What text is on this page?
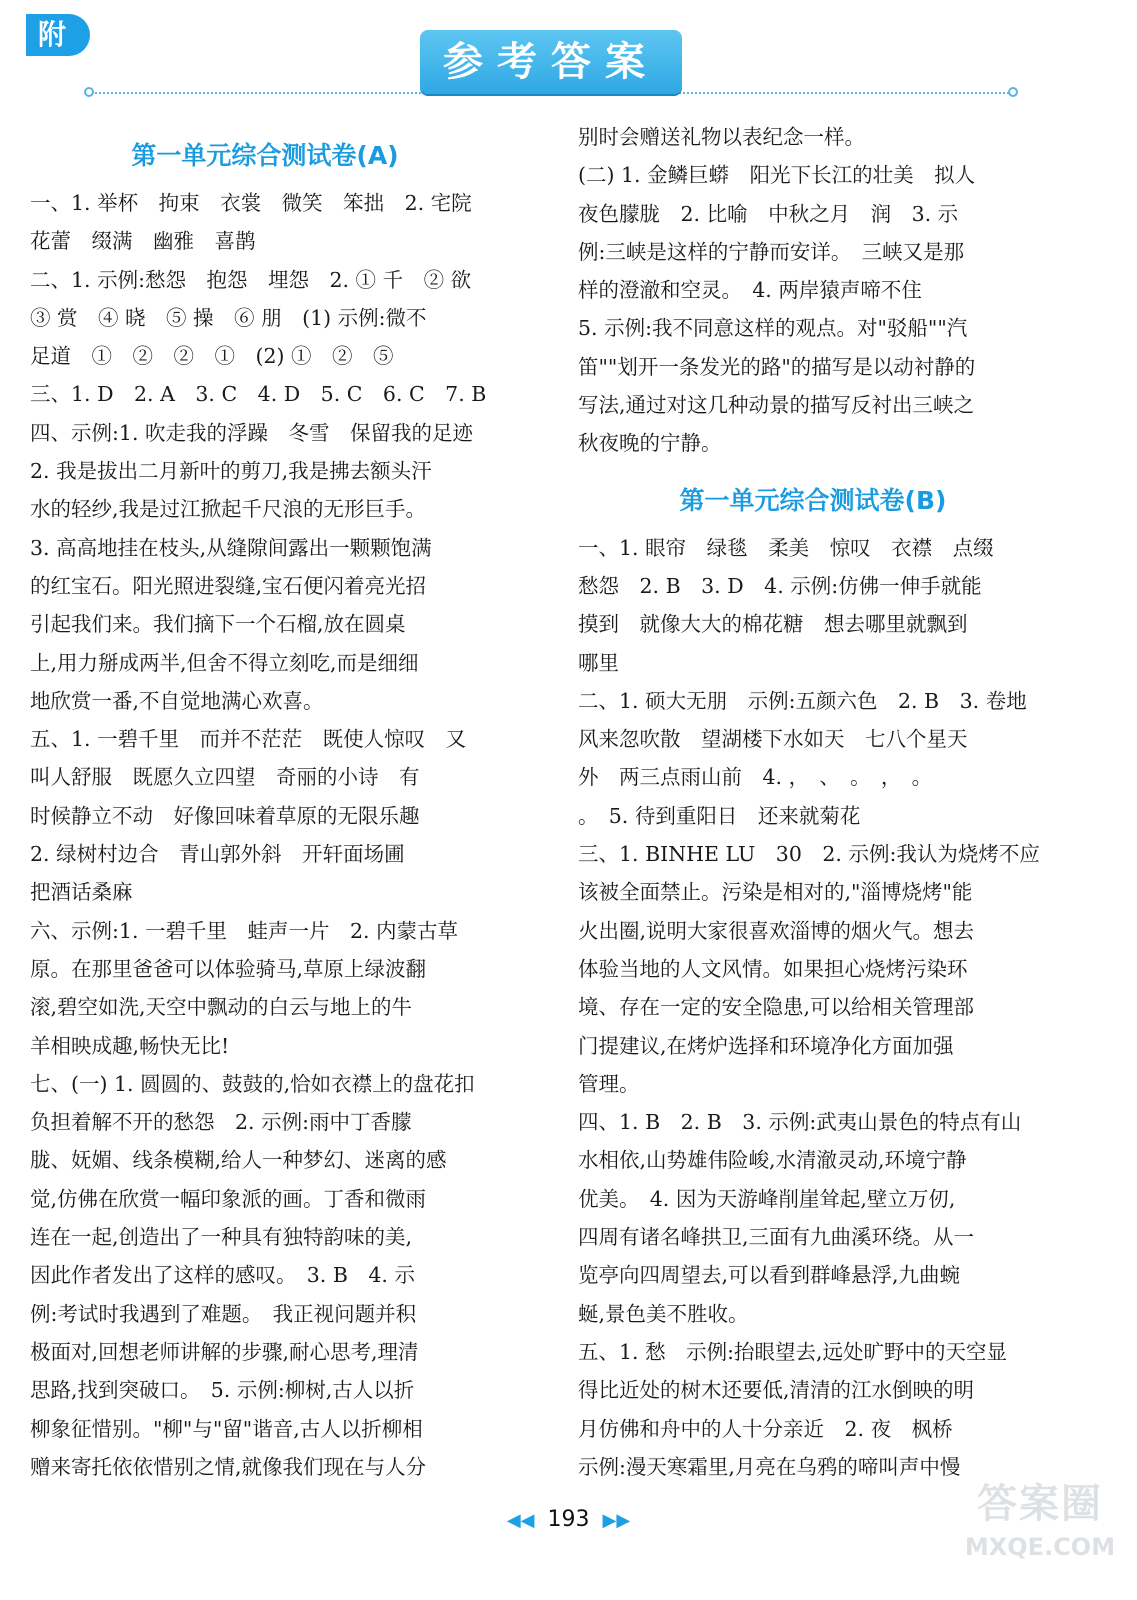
附
参考答案
第一单元综合测试卷(A)
一、1. 举杯　拘束　衣裳　微笑　笨拙　2. 宅院
花蕾　缀满　幽雅　喜鹊
二、1. 示例:愁怨　抱怨　埋怨　2. ① 千　② 欲
③ 赏　④ 晓　⑤ 操　⑥ 朋　(1) 示例:微不
足道　①　②　②　①　(2) ①　②　⑤
三、1. D　2. A　3. C　4. D　5. C　6. C　7. B
四、示例:1. 吹走我的浮躁　冬雪　保留我的足迹
2. 我是拔出二月新叶的剪刀,我是拂去额头汗
水的轻纱,我是过江掀起千尺浪的无形巨手。
3. 高高地挂在枝头,从缝隙间露出一颗颗饱满
的红宝石。阳光照进裂缝,宝石便闪着亮光招
引起我们来。我们摘下一个石榴,放在圆桌
上,用力掰成两半,但舍不得立刻吃,而是细细
地欣赏一番,不自觉地满心欢喜。
五、1. 一碧千里　而并不茫茫　既使人惊叹　又
叫人舒服　既愿久立四望　奇丽的小诗　有
时候静立不动　好像回味着草原的无限乐趣
2. 绿树村边合　青山郭外斜　开轩面场圃
把酒话桑麻
六、示例:1. 一碧千里　蛙声一片　2. 内蒙古草
原。在那里爸爸可以体验骑马,草原上绿波翻
滚,碧空如洗,天空中飘动的白云与地上的牛
羊相映成趣,畅快无比!
七、(一) 1. 圆圆的、鼓鼓的,恰如衣襟上的盘花扣
负担着解不开的愁怨　2. 示例:雨中丁香朦
胧、妩媚、线条模糊,给人一种梦幻、迷离的感
觉,仿佛在欣赏一幅印象派的画。丁香和微雨
连在一起,创造出了一种具有独特韵味的美,
因此作者发出了这样的感叹。　3. B　4. 示
例:考试时我遇到了难题。　我正视问题并积
极面对,回想老师讲解的步骤,耐心思考,理清
思路,找到突破口。　5. 示例:柳树,古人以折
柳象征惜别。"柳"与"留"谐音,古人以折柳相
赠来寄托依依惜别之情,就像我们现在与人分
别时会赠送礼物以表纪念一样。
(二) 1. 金鳞巨蟒　阳光下长江的壮美　拟人
夜色朦胧　2. 比喻　中秋之月　润　3. 示
例:三峡是这样的宁静而安详。　三峡又是那
样的澄澈和空灵。　4. 两岸猿声啼不住
5. 示例:我不同意这样的观点。对"驳船""汽
笛""划开一条发光的路"的描写是以动衬静的
写法,通过对这几种动景的描写反衬出三峡之
秋夜晚的宁静。
第一单元综合测试卷(B)
一、1. 眼帘　绿毯　柔美　惊叹　衣襟　点缀
愁怨　2. B　3. D　4. 示例:仿佛一伸手就能
摸到　就像大大的棉花糖　想去哪里就飘到
哪里
二、1. 硕大无朋　示例:五颜六色　2. B　3. 卷地
风来忽吹散　望湖楼下水如天　七八个星天
外　两三点雨山前　4. ，　、　。　，　。
。　5. 待到重阳日　还来就菊花
三、1. BINHE LU　30　2. 示例:我认为烧烤不应
该被全面禁止。污染是相对的,"淄博烧烤"能
火出圈,说明大家很喜欢淄博的烟火气。想去
体验当地的人文风情。如果担心烧烤污染环
境、存在一定的安全隐患,可以给相关管理部
门提建议,在烤炉选择和环境净化方面加强
管理。
四、1. B　2. B　3. 示例:武夷山景色的特点有山
水相依,山势雄伟险峻,水清澈灵动,环境宁静
优美。　4. 因为天游峰削崖耸起,壁立万仞,
四周有诸名峰拱卫,三面有九曲溪环绕。从一
览亭向四周望去,可以看到群峰悬浮,九曲蜿
蜒,景色美不胜收。
五、1. 愁　示例:抬眼望去,远处旷野中的天空显
得比近处的树木还要低,清清的江水倒映的明
月仿佛和舟中的人十分亲近　2. 夜　枫桥
示例:漫天寒霜里,月亮在乌鸦的啼叫声中慢
◀◀ 193 ▶▶	答案圈
MXQE.COM
